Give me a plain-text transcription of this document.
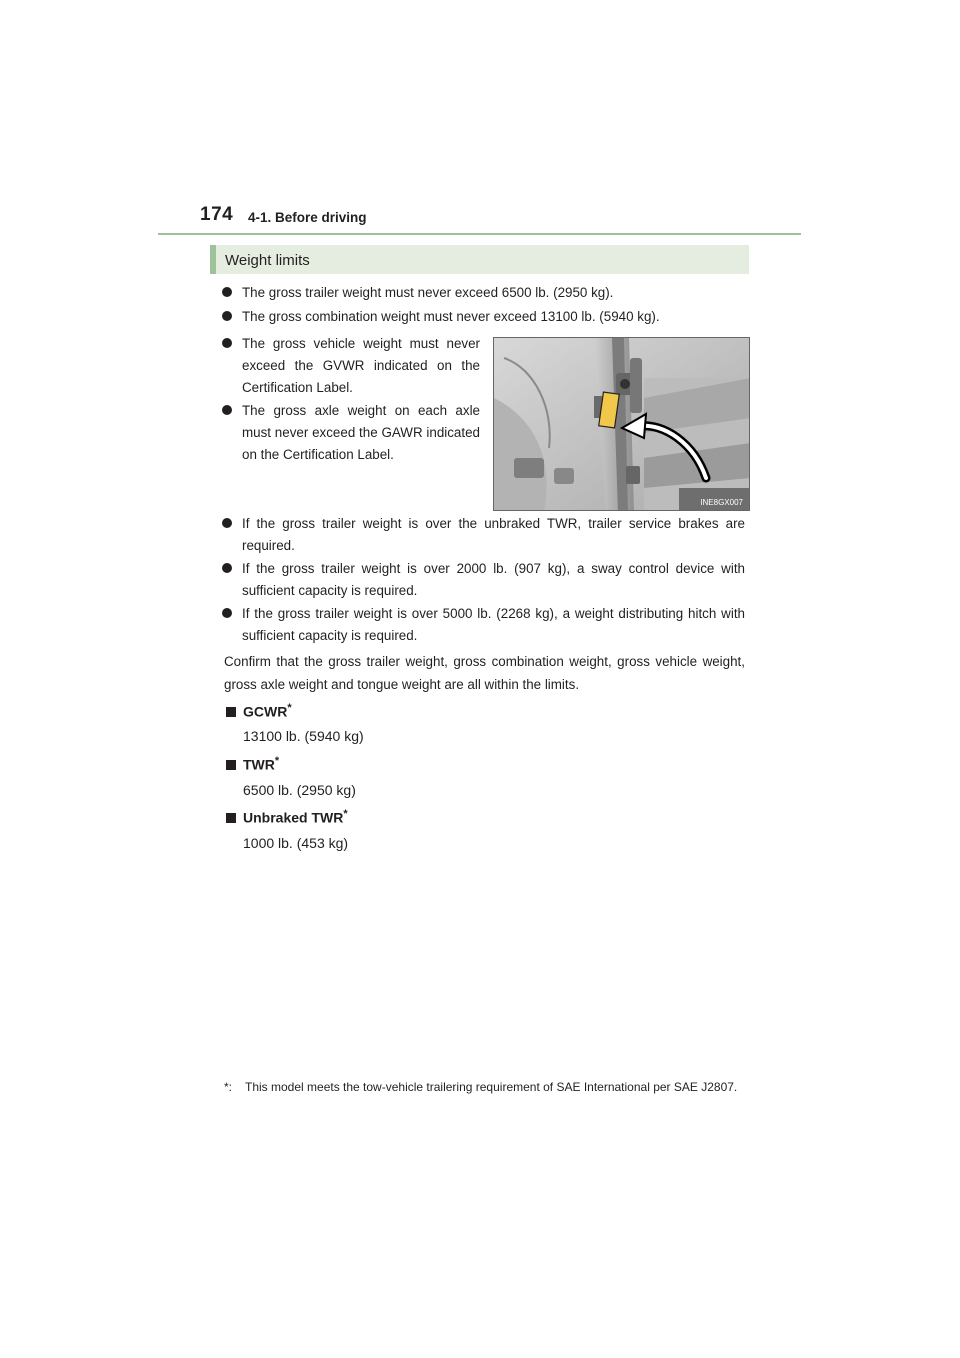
174 4-1. Before driving
Weight limits
The gross trailer weight must never exceed 6500 lb. (2950 kg).
The gross combination weight must never exceed 13100 lb. (5940 kg).
The gross vehicle weight must never exceed the GVWR indicated on the Certification Label.
The gross axle weight on each axle must never exceed the GAWR indicated on the Certification Label.
INE8GX007
If the gross trailer weight is over the unbraked TWR, trailer service brakes are required.
If the gross trailer weight is over 2000 lb. (907 kg), a sway control device with sufficient capacity is required.
If the gross trailer weight is over 5000 lb. (2268 kg), a weight distributing hitch with sufficient capacity is required.
Confirm that the gross trailer weight, gross combination weight, gross vehicle weight, gross axle weight and tongue weight are all within the limits.
GCWR*
13100 lb. (5940 kg)
TWR*
6500 lb. (2950 kg)
Unbraked TWR*
1000 lb. (453 kg)
*: This model meets the tow-vehicle trailering requirement of SAE International per SAE J2807.
